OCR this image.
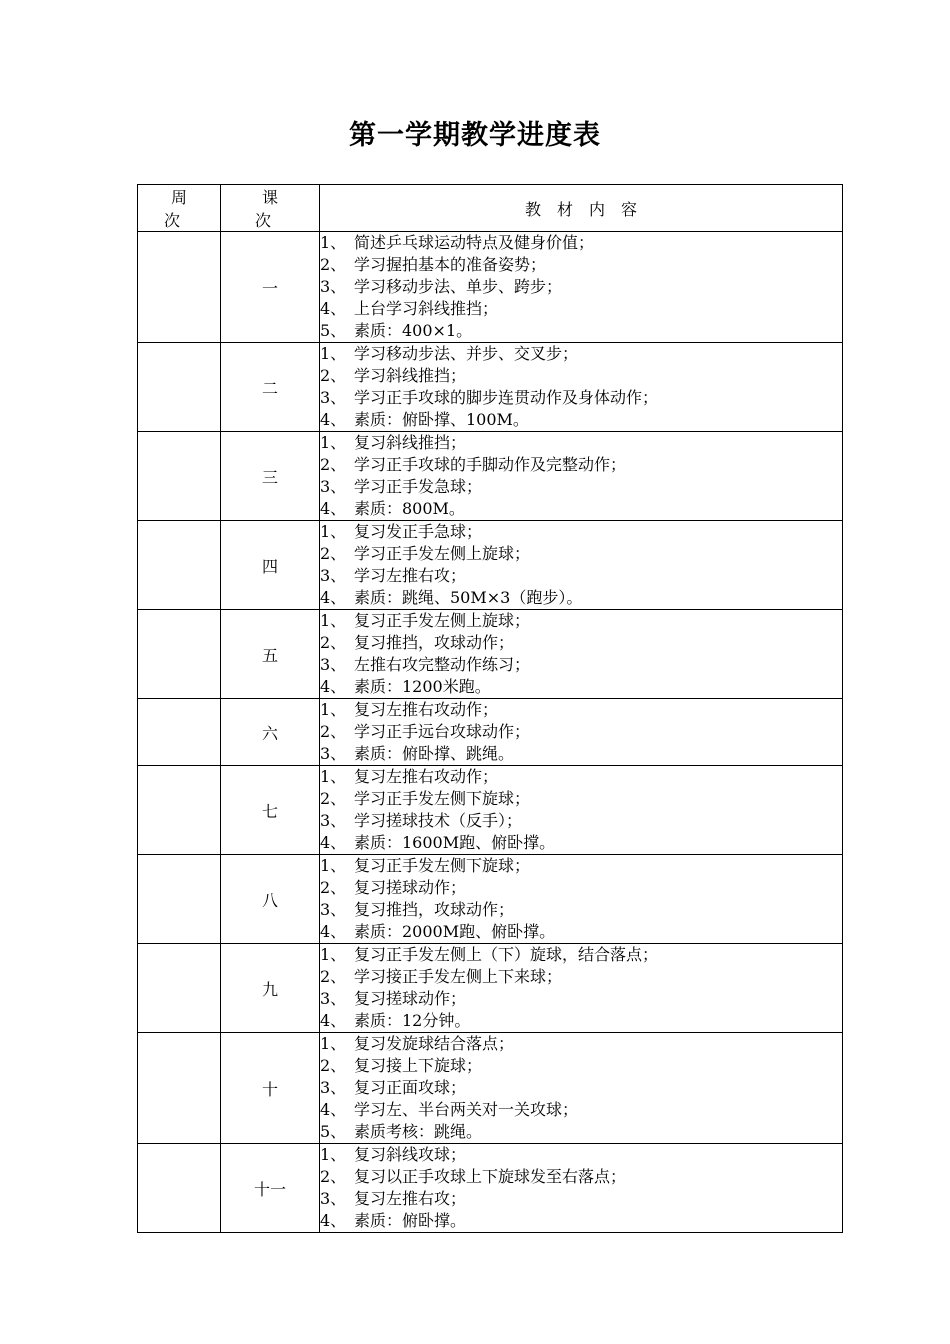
第一学期教学进度表
周　次	课　次	教　材　内　容
	一	1、 简述乒乓球运动特点及健身价值；
2、 学习握拍基本的准备姿势；
3、 学习移动步法、单步、跨步；
4、 上台学习斜线推挡；
5、 素质：400×1。

	二	1、 学习移动步法、并步、交叉步；
2、 学习斜线推挡；
3、 学习正手攻球的脚步连贯动作及身体动作；
4、 素质：俯卧撑、100M。

	三	1、 复习斜线推挡；
2、 学习正手攻球的手脚动作及完整动作；
3、 学习正手发急球；
4、 素质：800M。

	四	1、 复习发正手急球；
2、 学习正手发左侧上旋球；
3、 学习左推右攻；
4、 素质：跳绳、50M×3（跑步）。

	五	1、 复习正手发左侧上旋球；
2、 复习推挡，攻球动作；
3、 左推右攻完整动作练习；
4、 素质：1200米跑。

	六	1、 复习左推右攻动作；
2、 学习正手远台攻球动作；
3、 素质：俯卧撑、跳绳。

	七	1、 复习左推右攻动作；
2、 学习正手发左侧下旋球；
3、 学习搓球技术（反手）；
4、 素质：1600M跑、俯卧撑。

	八	1、 复习正手发左侧下旋球；
2、 复习搓球动作；
3、 复习推挡，攻球动作；
4、 素质：2000M跑、俯卧撑。

	九	1、 复习正手发左侧上（下）旋球，结合落点；
2、 学习接正手发左侧上下来球；
3、 复习搓球动作；
4、 素质：12分钟。

	十	1、 复习发旋球结合落点；
2、 复习接上下旋球；
3、 复习正面攻球；
4、 学习左、半台两关对一关攻球；
5、 素质考核：跳绳。

	十一	1、 复习斜线攻球；
2、 复习以正手攻球上下旋球发至右落点；
3、 复习左推右攻；
4、 素质：俯卧撑。
